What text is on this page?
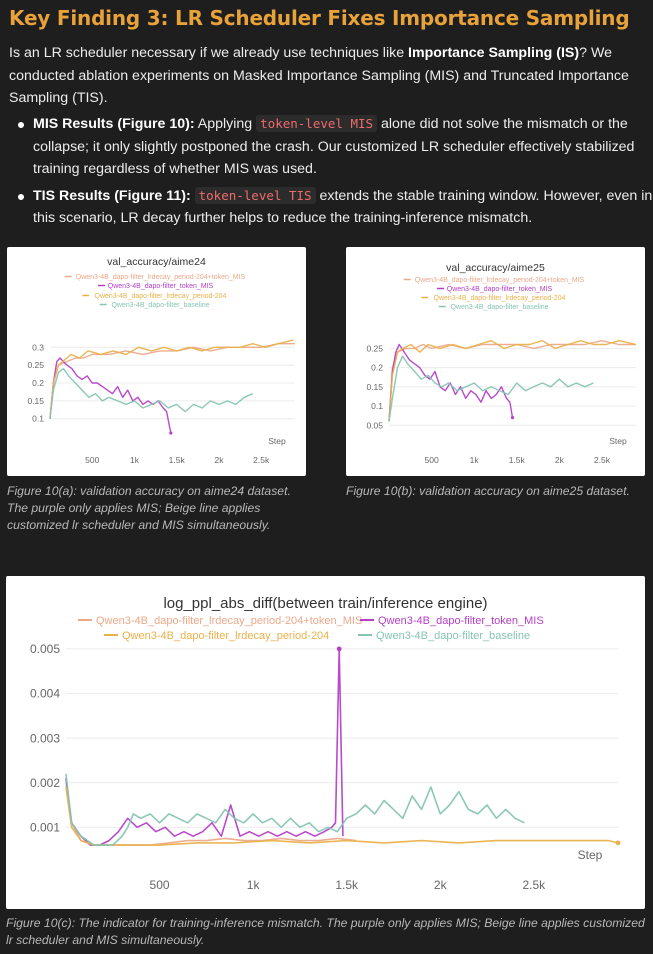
Key Finding 3: LR Scheduler Fixes Importance Sampling
Is an LR scheduler necessary if we already use techniques like Importance Sampling (IS)? We conducted ablation experiments on Masked Importance Sampling (MIS) and Truncated Importance Sampling (TIS).
MIS Results (Figure 10): Applying token-level MIS alone did not solve the mismatch or the collapse; it only slightly postponed the crash. Our customized LR scheduler effectively stabilized training regardless of whether MIS was used.
TIS Results (Figure 11): token-level TIS extends the stable training window. However, even in this scenario, LR decay further helps to reduce the training-inference mismatch.
val_accuracy/aime24
Qwen3-4B_dapo-filter_lrdecay_period-204+token_MIS
Qwen3-4B_dapo-filter_token_MIS
Qwen3-4B_dapo-filter_lrdecay_period-204
Qwen3-4B_dapo-filter_baseline
0.1
0.15
0.2
0.25
0.3
500	1k	1.5k	2k	2.5k
Step
val_accuracy/aime25
Qwen3-4B_dapo-filter_lrdecay_period-204+token_MIS
Qwen3-4B_dapo-filter_token_MIS
Qwen3-4B_dapo-filter_lrdecay_period-204
Qwen3-4B_dapo-filter_baseline
0.05
0.1
0.15
0.2
0.25
500	1k	1.5k	2k	2.5k
Step
Figure 10(a): validation accuracy on aime24 dataset. The purple only applies MIS; Beige line applies customized lr scheduler and MIS simultaneously.
Figure 10(b): validation accuracy on aime25 dataset.
log_ppl_abs_diff(between train/inference engine)
Qwen3-4B_dapo-filter_lrdecay_period-204+token_MIS Qwen3-4B_dapo-filter_token_MIS
Qwen3-4B_dapo-filter_lrdecay_period-204	Qwen3-4B_dapo-filter_baseline
0.001
0.002
0.003
0.004
0.005
500	1k	1.5k	2k	2.5k
Step
Figure 10(c): The indicator for training-inference mismatch. The purple only applies MIS; Beige line applies customized lr scheduler and MIS simultaneously.
